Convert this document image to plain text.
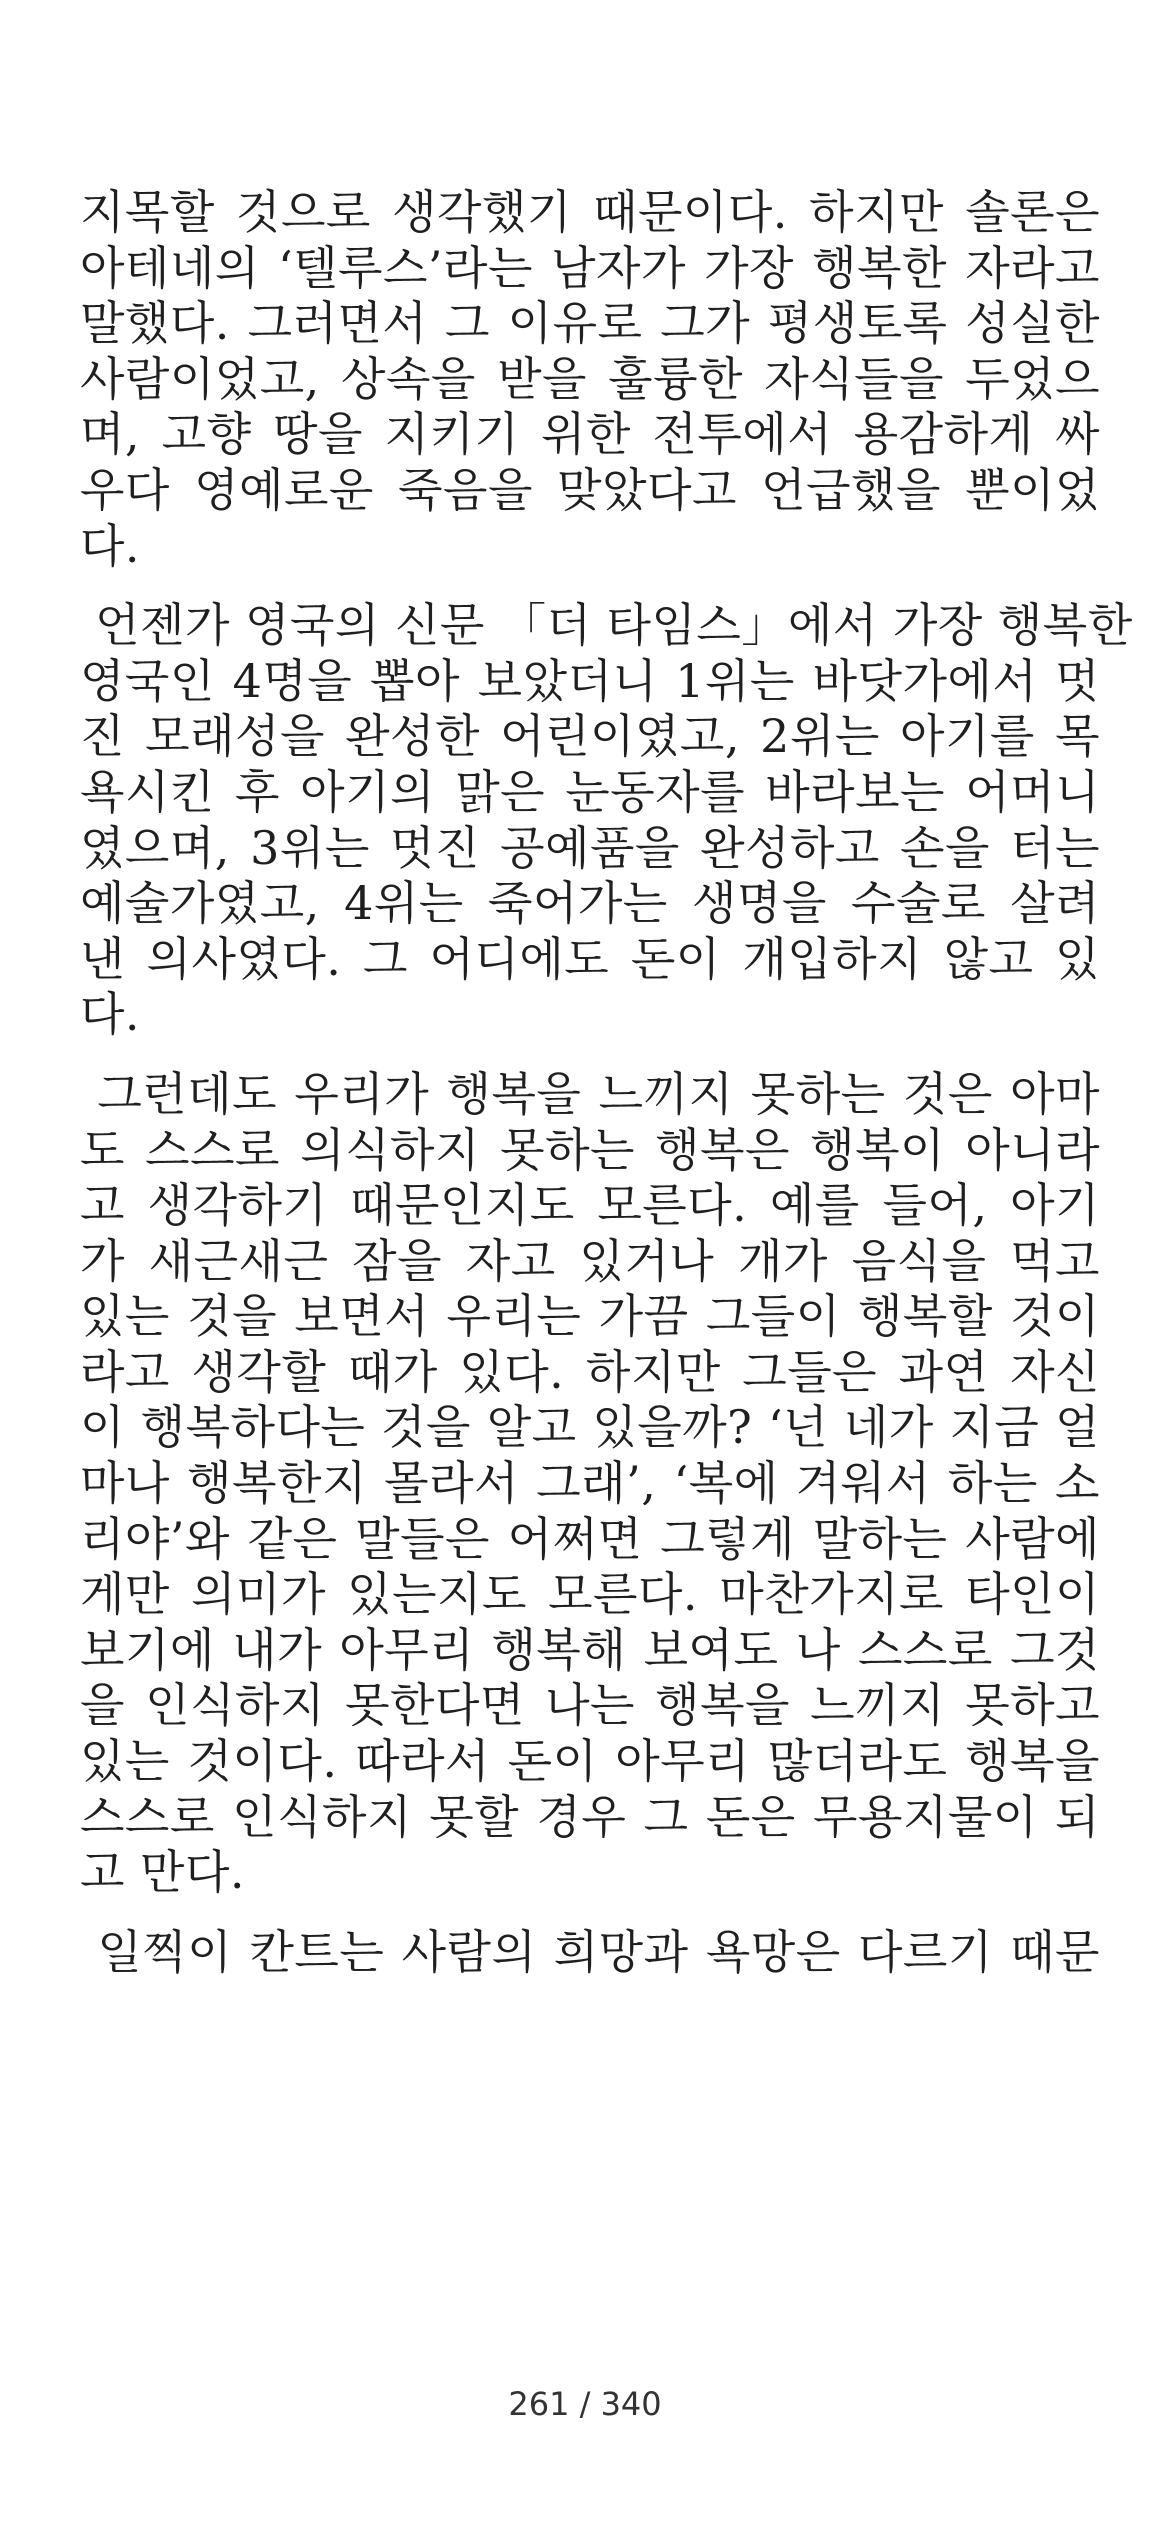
지목할 것으로 생각했기 때문이다. 하지만 솔론은
아테네의 ‘텔루스’라는 남자가 가장 행복한 자라고
말했다. 그러면서 그 이유로 그가 평생토록 성실한
사람이었고, 상속을 받을 훌륭한 자식들을 두었으
며, 고향 땅을 지키기 위한 전투에서 용감하게 싸
우다 영예로운 죽음을 맞았다고 언급했을 뿐이었
다.
언젠가 영국의 신문 「더 타임스」에서 가장 행복한
영국인 4명을 뽑아 보았더니 1위는 바닷가에서 멋
진 모래성을 완성한 어린이였고, 2위는 아기를 목
욕시킨 후 아기의 맑은 눈동자를 바라보는 어머니
였으며, 3위는 멋진 공예품을 완성하고 손을 터는
예술가였고, 4위는 죽어가는 생명을 수술로 살려
낸 의사였다. 그 어디에도 돈이 개입하지 않고 있
다.
그런데도 우리가 행복을 느끼지 못하는 것은 아마
도 스스로 의식하지 못하는 행복은 행복이 아니라
고 생각하기 때문인지도 모른다. 예를 들어, 아기
가 새근새근 잠을 자고 있거나 개가 음식을 먹고
있는 것을 보면서 우리는 가끔 그들이 행복할 것이
라고 생각할 때가 있다. 하지만 그들은 과연 자신
이 행복하다는 것을 알고 있을까? ‘넌 네가 지금 얼
마나 행복한지 몰라서 그래’, ‘복에 겨워서 하는 소
리야’와 같은 말들은 어쩌면 그렇게 말하는 사람에
게만 의미가 있는지도 모른다. 마찬가지로 타인이
보기에 내가 아무리 행복해 보여도 나 스스로 그것
을 인식하지 못한다면 나는 행복을 느끼지 못하고
있는 것이다. 따라서 돈이 아무리 많더라도 행복을
스스로 인식하지 못할 경우 그 돈은 무용지물이 되
고 만다.
일찍이 칸트는 사람의 희망과 욕망은 다르기 때문
261 / 340
